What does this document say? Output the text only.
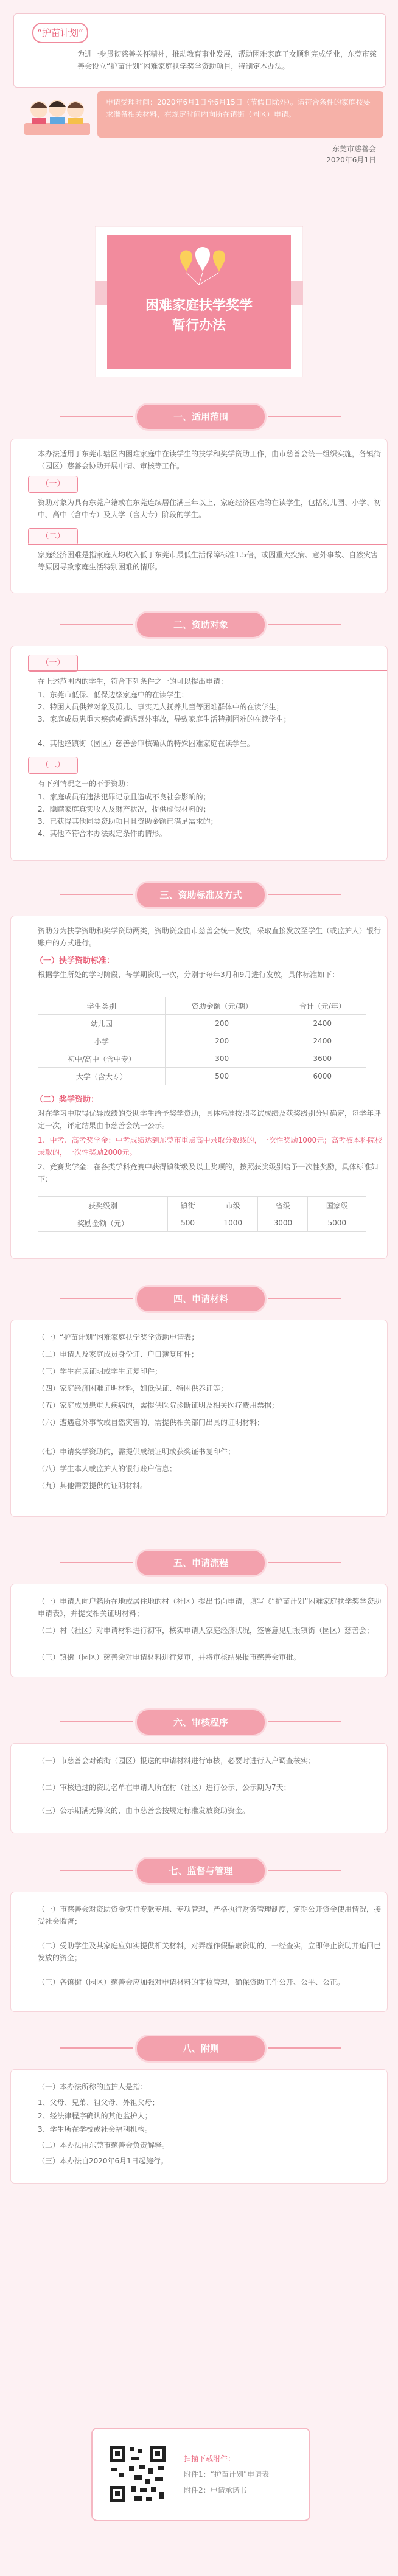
“护苗计划”
为进一步贯彻慈善关怀精神，推动教育事业发展，帮助困难家庭子女顺利完成学业，东莞市慈善会设立“护苗计划”困难家庭扶学奖学资助项目，特制定本办法。
申请受理时间：2020年6月1日至6月15日（节假日除外）。请符合条件的家庭按要求准备相关材料，在规定时间内向所在镇街（园区）申请。
东莞市慈善会
2020年6月1日
困难家庭扶学奖学
暂行办法
一、适用范围
本办法适用于东莞市辖区内困难家庭中在读学生的扶学和奖学资助工作，由市慈善会统一组织实施，各镇街（园区）慈善会协助开展申请、审核等工作。
（一）
资助对象为具有东莞户籍或在东莞连续居住满三年以上、家庭经济困难的在读学生，包括幼儿园、小学、初中、高中（含中专）及大学（含大专）阶段的学生。
（二）
家庭经济困难是指家庭人均收入低于东莞市最低生活保障标准1.5倍，或因重大疾病、意外事故、自然灾害等原因导致家庭生活特别困难的情形。
二、资助对象
（一）
在上述范围内的学生，符合下列条件之一的可以提出申请：
1、东莞市低保、低保边缘家庭中的在读学生；
2、特困人员供养对象及孤儿、事实无人抚养儿童等困难群体中的在读学生；
3、家庭成员患重大疾病或遭遇意外事故，导致家庭生活特别困难的在读学生；
4、其他经镇街（园区）慈善会审核确认的特殊困难家庭在读学生。
（二）
有下列情况之一的不予资助：
1、家庭成员有违法犯罪记录且造成不良社会影响的；
2、隐瞒家庭真实收入及财产状况，提供虚假材料的；
3、已获得其他同类资助项目且资助金额已满足需求的；
4、其他不符合本办法规定条件的情形。
三、资助标准及方式
资助分为扶学资助和奖学资助两类，资助资金由市慈善会统一发放，采取直接发放至学生（或监护人）银行账户的方式进行。
（一）扶学资助标准：
根据学生所处的学习阶段，每学期资助一次，分别于每年3月和9月进行发放，具体标准如下：
学生类别	资助金额（元/期）	合计（元/年）
幼儿园	200	2400
小学	200	2400
初中/高中（含中专）	300	3600
大学（含大专）	500	6000
（二）奖学资助：
对在学习中取得优异成绩的受助学生给予奖学资助，具体标准按照考试成绩及获奖级别分别确定，每学年评定一次，评定结果由市慈善会统一公示。
1、中考、高考奖学金：中考成绩达到东莞市重点高中录取分数线的，一次性奖励1000元；高考被本科院校录取的，一次性奖励2000元。
2、竞赛奖学金：在各类学科竞赛中获得镇街级及以上奖项的，按照获奖级别给予一次性奖励，具体标准如下：
获奖级别	镇街	市级	省级	国家级
奖励金额（元）	500	1000	3000	5000
四、申请材料
（一）“护苗计划”困难家庭扶学奖学资助申请表；
（二）申请人及家庭成员身份证、户口簿复印件；
（三）学生在读证明或学生证复印件；
（四）家庭经济困难证明材料，如低保证、特困供养证等；
（五）家庭成员患重大疾病的，需提供医院诊断证明及相关医疗费用票据；
（六）遭遇意外事故或自然灾害的，需提供相关部门出具的证明材料；
（七）申请奖学资助的，需提供成绩证明或获奖证书复印件；
（八）学生本人或监护人的银行账户信息；
（九）其他需要提供的证明材料。
五、申请流程
（一）申请人向户籍所在地或居住地的村（社区）提出书面申请，填写《“护苗计划”困难家庭扶学奖学资助申请表》，并提交相关证明材料；
（二）村（社区）对申请材料进行初审，核实申请人家庭经济状况，签署意见后报镇街（园区）慈善会；
（三）镇街（园区）慈善会对申请材料进行复审，并将审核结果报市慈善会审批。
六、审核程序
（一）市慈善会对镇街（园区）报送的申请材料进行审核，必要时进行入户调查核实；
（二）审核通过的资助名单在申请人所在村（社区）进行公示，公示期为7天；
（三）公示期满无异议的，由市慈善会按规定标准发放资助资金。
七、监督与管理
（一）市慈善会对资助资金实行专款专用、专项管理，严格执行财务管理制度，定期公开资金使用情况，接受社会监督；
（二）受助学生及其家庭应如实提供相关材料，对弄虚作假骗取资助的，一经查实，立即停止资助并追回已发放的资金；
（三）各镇街（园区）慈善会应加强对申请材料的审核管理，确保资助工作公开、公平、公正。
八、附则
（一）本办法所称的监护人是指：
1、父母、兄弟、祖父母、外祖父母；
2、经法律程序确认的其他监护人；
3、学生所在学校或社会福利机构。
（二）本办法由东莞市慈善会负责解释。
（三）本办法自2020年6月1日起施行。
扫描下载附件：
附件1：“护苗计划”申请表
附件2：申请承诺书
